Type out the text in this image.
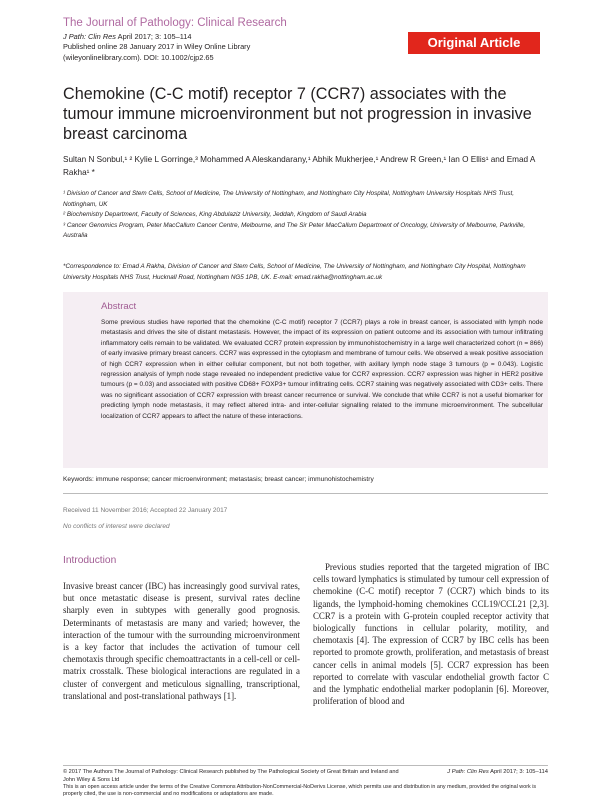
The Journal of Pathology: Clinical Research
J Path: Clin Res April 2017; 3: 105–114
Published online 28 January 2017 in Wiley Online Library
(wileyonlinelibrary.com). DOI: 10.1002/cjp2.65
Original Article
Chemokine (C-C motif) receptor 7 (CCR7) associates with the tumour immune microenvironment but not progression in invasive breast carcinoma
Sultan N Sonbul,¹ ² Kylie L Gorringe,³ Mohammed A Aleskandarany,¹ Abhik Mukherjee,¹ Andrew R Green,¹ Ian O Ellis¹ and Emad A Rakha¹ *
¹ Division of Cancer and Stem Cells, School of Medicine, The University of Nottingham, and Nottingham City Hospital, Nottingham University Hospitals NHS Trust, Nottingham, UK
² Biochemistry Department, Faculty of Sciences, King Abdulaziz University, Jeddah, Kingdom of Saudi Arabia
³ Cancer Genomics Program, Peter MacCallum Cancer Centre, Melbourne, and The Sir Peter MacCallum Department of Oncology, University of Melbourne, Parkville, Australia
*Correspondence to: Emad A Rakha, Division of Cancer and Stem Cells, School of Medicine, The University of Nottingham, and Nottingham City Hospital, Nottingham University Hospitals NHS Trust, Hucknall Road, Nottingham NG5 1PB, UK. E-mail: emad.rakha@nottingham.ac.uk
Abstract
Some previous studies have reported that the chemokine (C-C motif) receptor 7 (CCR7) plays a role in breast cancer, is associated with lymph node metastasis and drives the site of distant metastasis. However, the impact of its expression on patient outcome and its association with tumour infiltrating inflammatory cells remain to be validated. We evaluated CCR7 protein expression by immunohistochemistry in a large well characterized cohort (n = 866) of early invasive primary breast cancers. CCR7 was expressed in the cytoplasm and membrane of tumour cells. We observed a weak positive association of high CCR7 expression when in either cellular component, but not both together, with axillary lymph node stage 3 tumours (p = 0.043). Logistic regression analysis of lymph node stage revealed no independent predictive value for CCR7 expression. CCR7 expression was higher in HER2 positive tumours (p = 0.03) and associated with positive CD68+ FOXP3+ tumour infiltrating cells. CCR7 staining was negatively associated with CD3+ cells. There was no significant association of CCR7 expression with breast cancer recurrence or survival. We conclude that while CCR7 is not a useful biomarker for predicting lymph node metastasis, it may reflect altered intra- and inter-cellular signalling related to the immune microenvironment. The subcellular localization of CCR7 appears to affect the nature of these interactions.
Keywords: immune response; cancer microenvironment; metastasis; breast cancer; immunohistochemistry
Received 11 November 2016; Accepted 22 January 2017
No conflicts of interest were declared
Introduction
Invasive breast cancer (IBC) has increasingly good survival rates, but once metastatic disease is present, survival rates decline sharply even in subtypes with generally good prognosis. Determinants of metastasis are many and varied; however, the interaction of the tumour with the surrounding microenvironment is a key factor that includes the activation of tumour cell chemotaxis through specific chemoattractants in a cell-cell or cell-matrix crosstalk. These biological interactions are regulated in a cluster of convergent and meticulous signalling, transcriptional, translational and post-translational pathways [1].
Previous studies reported that the targeted migration of IBC cells toward lymphatics is stimulated by tumour cell expression of chemokine (C-C motif) receptor 7 (CCR7) which binds to its ligands, the lymphoid-homing chemokines CCL19/CCL21 [2,3]. CCR7 is a protein with G-protein coupled receptor activity that biologically functions in cellular polarity, motility, and chemotaxis [4]. The expression of CCR7 by IBC cells has been reported to promote growth, proliferation, and metastasis of breast cancer cells in animal models [5]. CCR7 expression has been reported to correlate with vascular endothelial growth factor C and the lymphatic endothelial marker podoplanin [6]. Moreover, proliferation of blood and
© 2017 The Authors The Journal of Pathology: Clinical Research published by The Pathological Society of Great Britain and Ireland and John Wiley & Sons Ltd
J Path: Clin Res April 2017; 3: 105–114
This is an open access article under the terms of the Creative Commons Attribution-NonCommercial-NoDerivs License, which permits use and distribution in any medium, provided the original work is properly cited, the use is non-commercial and no modifications or adaptations are made.
